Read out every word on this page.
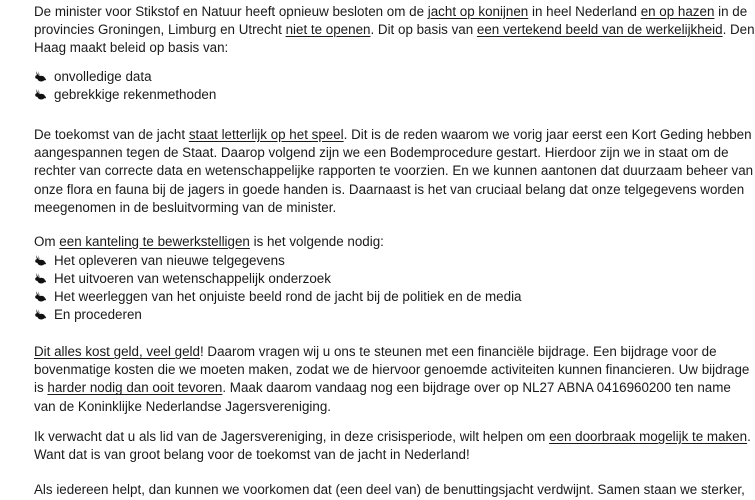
De minister voor Stikstof en Natuur heeft opnieuw besloten om de jacht op konijnen in heel Nederland en op hazen in de
provincies Groningen, Limburg en Utrecht niet te openen. Dit op basis van een vertekend beeld van de werkelijkheid. Den
Haag maakt beleid op basis van:

onvolledige data
gebrekkige rekenmethoden

De toekomst van de jacht staat letterlijk op het speel. Dit is de reden waarom we vorig jaar eerst een Kort Geding hebben
aangespannen tegen de Staat. Daarop volgend zijn we een Bodemprocedure gestart. Hierdoor zijn we in staat om de
rechter van correcte data en wetenschappelijke rapporten te voorzien. En we kunnen aantonen dat duurzaam beheer van
onze flora en fauna bij de jagers in goede handen is. Daarnaast is het van cruciaal belang dat onze telgegevens worden
meegenomen in de besluitvorming van de minister.

Om een kanteling te bewerkstelligen is het volgende nodig:

Het opleveren van nieuwe telgegevens
Het uitvoeren van wetenschappelijk onderzoek
Het weerleggen van het onjuiste beeld rond de jacht bij de politiek en de media
En procederen

Dit alles kost geld, veel geld! Daarom vragen wij u ons te steunen met een financiële bijdrage. Een bijdrage voor de
bovenmatige kosten die we moeten maken, zodat we de hiervoor genoemde activiteiten kunnen financieren. Uw bijdrage
is harder nodig dan ooit tevoren. Maak daarom vandaag nog een bijdrage over op NL27 ABNA 0416960200 ten name
van de Koninklijke Nederlandse Jagersvereniging.

Ik verwacht dat u als lid van de Jagersvereniging, in deze crisisperiode, wilt helpen om een doorbraak mogelijk te maken.
Want dat is van groot belang voor de toekomst van de jacht in Nederland!

Als iedereen helpt, dan kunnen we voorkomen dat (een deel van) de benuttingsjacht verdwijnt. Samen staan we sterker,
